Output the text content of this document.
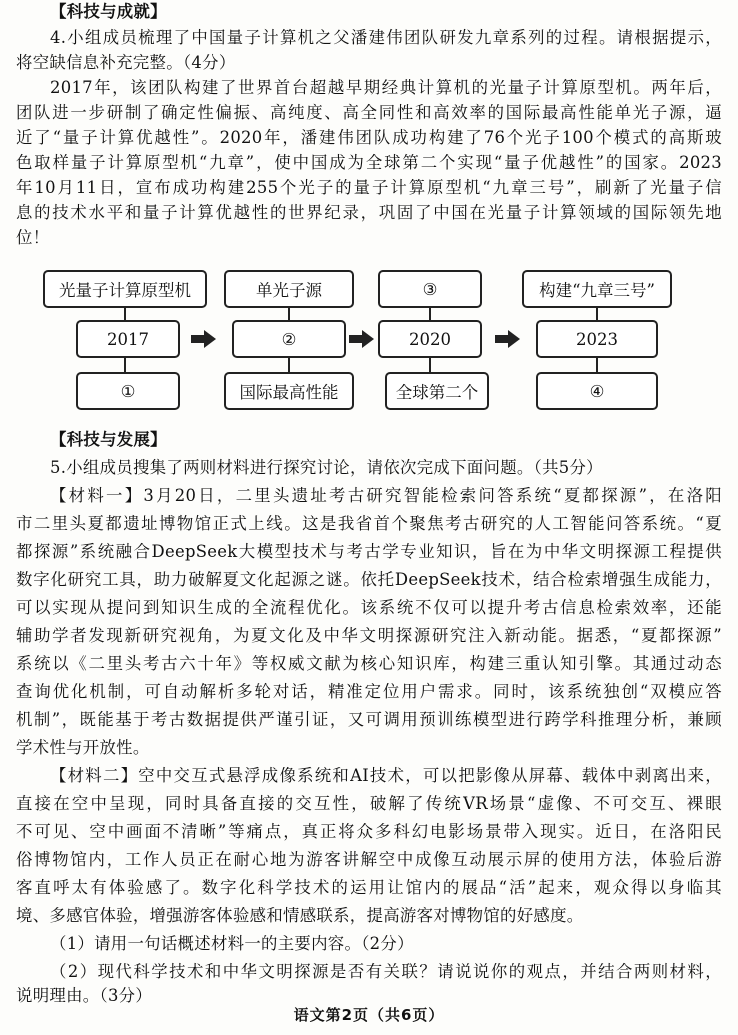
【科技与成就】
4.小组成员梳理了中国量子计算机之父潘建伟团队研发九章系列的过程。请根据提示，
将空缺信息补充完整。（4分）
2017年，该团队构建了世界首台超越早期经典计算机的光量子计算原型机。两年后，
团队进一步研制了确定性偏振、高纯度、高全同性和高效率的国际最高性能单光子源，逼
近了“量子计算优越性”。2020年，潘建伟团队成功构建了76个光子100个模式的高斯玻
色取样量子计算原型机“九章”，使中国成为全球第二个实现“量子优越性”的国家。2023
年10月11日，宣布成功构建255个光子的量子计算原型机“九章三号”，刷新了光量子信
息的技术水平和量子计算优越性的世界纪录，巩固了中国在光量子计算领域的国际领先地
位！
光量子计算原型机
2017
①
单光子源
②
国际最高性能
③
2020
全球第二个
构建“九章三号”
2023
④
【科技与发展】
5.小组成员搜集了两则材料进行探究讨论，请依次完成下面问题。（共5分）
【材料一】3月20日，二里头遗址考古研究智能检索问答系统“夏都探源”，在洛阳
市二里头夏都遗址博物馆正式上线。这是我省首个聚焦考古研究的人工智能问答系统。“夏
都探源”系统融合DeepSeek大模型技术与考古学专业知识，旨在为中华文明探源工程提供
数字化研究工具，助力破解夏文化起源之谜。依托DeepSeek技术，结合检索增强生成能力，
可以实现从提问到知识生成的全流程优化。该系统不仅可以提升考古信息检索效率，还能
辅助学者发现新研究视角，为夏文化及中华文明探源研究注入新动能。据悉，“夏都探源”
系统以《二里头考古六十年》等权威文献为核心知识库，构建三重认知引擎。其通过动态
查询优化机制，可自动解析多轮对话，精准定位用户需求。同时，该系统独创“双模应答
机制”，既能基于考古数据提供严谨引证，又可调用预训练模型进行跨学科推理分析，兼顾
学术性与开放性。
【材料二】空中交互式悬浮成像系统和AI技术，可以把影像从屏幕、载体中剥离出来，
直接在空中呈现，同时具备直接的交互性，破解了传统VR场景“虚像、不可交互、裸眼
不可见、空中画面不清晰”等痛点，真正将众多科幻电影场景带入现实。近日，在洛阳民
俗博物馆内，工作人员正在耐心地为游客讲解空中成像互动展示屏的使用方法，体验后游
客直呼太有体验感了。数字化科学技术的运用让馆内的展品“活”起来，观众得以身临其
境、多感官体验，增强游客体验感和情感联系，提高游客对博物馆的好感度。
（1）请用一句话概述材料一的主要内容。（2分）
（2）现代科学技术和中华文明探源是否有关联？请说说你的观点，并结合两则材料，
说明理由。（3分）
语文第2页（共6页）
